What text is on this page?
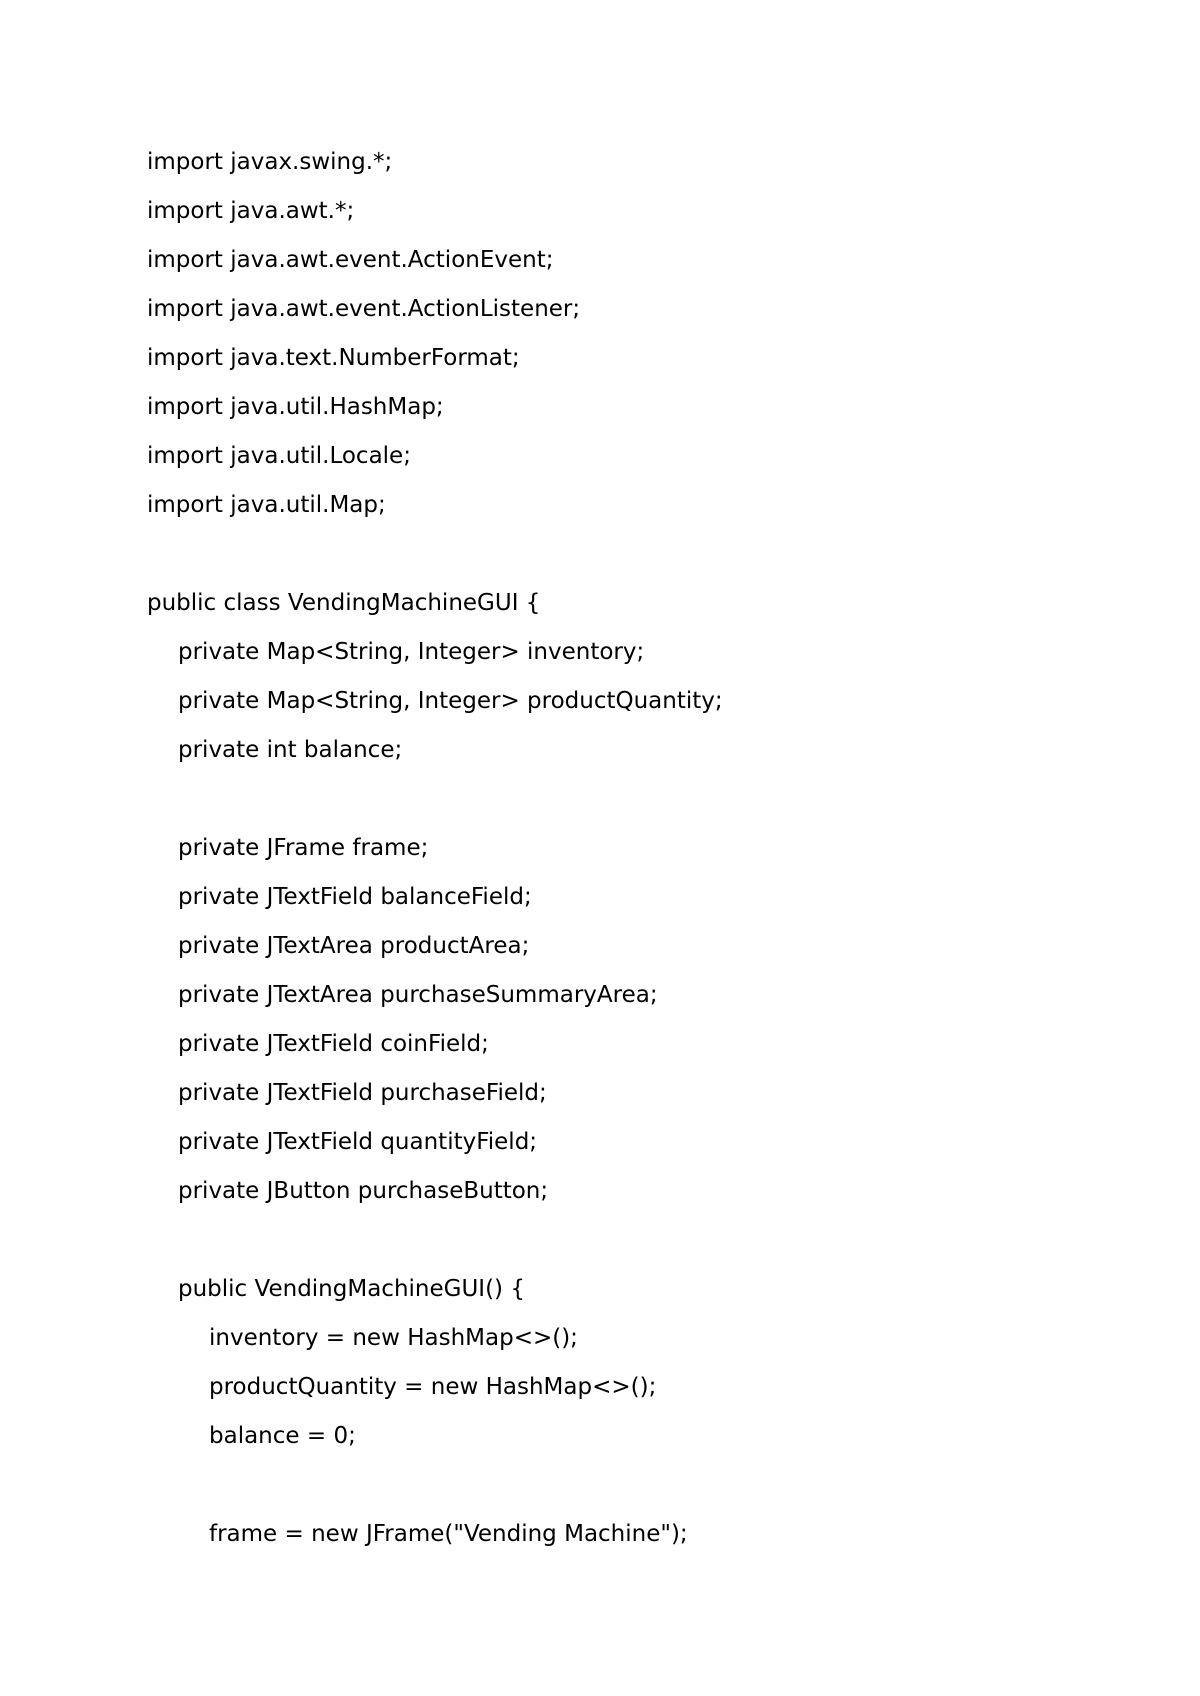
import javax.swing.*;
import java.awt.*;
import java.awt.event.ActionEvent;
import java.awt.event.ActionListener;
import java.text.NumberFormat;
import java.util.HashMap;
import java.util.Locale;
import java.util.Map;
public class VendingMachineGUI {
private Map<String, Integer> inventory;
private Map<String, Integer> productQuantity;
private int balance;
private JFrame frame;
private JTextField balanceField;
private JTextArea productArea;
private JTextArea purchaseSummaryArea;
private JTextField coinField;
private JTextField purchaseField;
private JTextField quantityField;
private JButton purchaseButton;
public VendingMachineGUI() {
inventory = new HashMap<>();
productQuantity = new HashMap<>();
balance = 0;
frame = new JFrame("Vending Machine");
